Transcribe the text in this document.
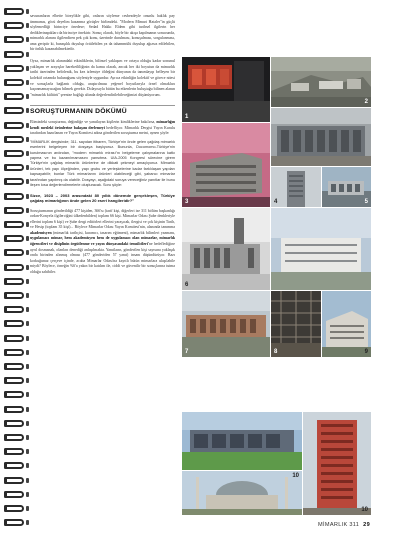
savunanların elbette bireylikle gibi, onların söyleme cesbezdeyle onunlu haklık pay ümmanus, göcü deyelim kazanma görüşler birlimdeki. "Modern Mimari Hataler"in güçlü söylemedliği birinciye önedese; Sedad Hakkı Eldem gibi tarihsel ilgilerin her dediklerinapıkları da birinciye önekirir. Sonuç olarak, böyle bir akışa kapılmanın sonucunda, mimarlık alanını ilgilendiren pek çok konu, üzerinde durulması, konuşulması, sorgulanması, ama geriptir ki, bunaşılık duyulup örtülebilen ya da tahammülü duyulup ağızsız edilebilen, bir önlük kazanabilmektedir.

Oysa, mimarlık alanındaki etkinliklerin, bilinsel yaklaşım ve ortaya olduğu kadar sonunul yaklaşım ve arayışlar hareketliliğinin da kamu olarak, ancak her iki boyutun da mimarlık tarihi üzerinden belirlenik, bu kez izlemiye öldeğini dünyanın da tanımlayıp belleyen bir kolektif ortamda bulunağunu söyleniyle uygundur. Ayrıca etkinliğin kolektif ve görece nitesi ve sonuçlarla bağlantı olduğu, araştırılması yeğenel boyutlarıyla örnel olmakları kaçınmamayacağını bilmek gerekir. Dolayısıyla bütün bu etkenlerin buluştuğu bilinen alanın "mimarlık kültürü" şeenize bağlığı altında değerlendirilebileceğimizi düşünüyorum.

SORUŞTURMANIN DÖKÜMÜ

Elimizdeki soruşturma, değindiğe ve yanıtlayan kişilerin kimliklerine bakılırsa, mimarlığın kendi meslekî örünlerine bakışını derlemeyi hedefliyor. Mimarlık Dergisi Yayın Kurulu tarafından hazırlanan ve Yayın Komitesi adına gönderilen soruşturma metni, aynen şöyle:

"MİMARLIK dergisinde; 311. sayıdan itibaren, Türkiye'nin önde gelen çağdaş mimarlık eserlerini belgeleyen bir dosyaya başlıyoruz. Bununla, Docomomo-Türkiye'nin kurulmasının ardından, "modern mimarlık mirası"nı belgeleme çalışmalarına katkı yapma ve bu kazanılmamasını yansıtma. UIA-2005 Kongresi sürecine girem Türkiye'nin çağdaş mimarlık ürünlerine de dikkati çekmeyi amaçlıyoruz. Mimarlık ürünleri, tek yapı ölçeğinden, yapı grubu ve yerleşkelerine kadar farklılaşan yapıları kapsayabilir; bunlar Türk mimarlarını ürünleri olabileceği gibi, yabancı mimarlar tarafından yapılmış da olabilir. Dosyayı, aşağıdaki soruya vereceğiniz yanıtlar ile bunu ileşen kısa değerlendirmelerle oluşturacak. Soru şöyle:

Sizce, 1923 – 2003 arasındaki 80 yıllık dönemde gerçekleşen, Türkiye çağdaş mimarlığının önde gelen 20 eseri hangileridir?"

Soruşturmanın gönderildiği 477 kişiden, 366'sı (tarif kişi, diğerleri ise 311 bölüm başkanlığı ordan-Konyela ilgilerciğini ülkedenbilden) toplam 66 kişi. Mimarlar Odası Şube denkleriyle ellerini toplam 6 kişi) ve Şube dergi editörleri ellerini yaraşıcak, ilergisi ve çok kişinin Tarih, ve Hesip (toplam 35 kişi)... Böylece Mimarlar Odası Yayın Komitesi'nin, alanında tanımma akademisyen (mimarlık tarihçisi, kuramcı, tasarım eğitmeni), mimarlık bilimleri yazmanı, uygulamacı mimar, hem akademisyen hem de uygulamacı olan mimarlar, mimarlık öğrencileri ve disiplinin örgütlenme ve yayın dünyasındaki temsilcileri'ne hedeflediğine ayrıl dosmanak, olanları denediği anlaşılmakta. Yanıtların, gönderilen kişi sayısına yaklaşık onda birinden alınmış olması (477 gönderiden 57 yanıt) insanı düşündürüyor. Bazı korkuğunuz çerçeve içinde, acaba Mimarlar Odası'na kayıtlı bütün mimarlara ulaşılabile miydi? Böylece, örneğin %6'a yakın bir katılım ile, ciddi ve güvenilir bir sonuçlarına tutma olduğu sahibiler.

1
2
3	4	5
6
7	8	9
10
10
MİMARLIK 311 29
